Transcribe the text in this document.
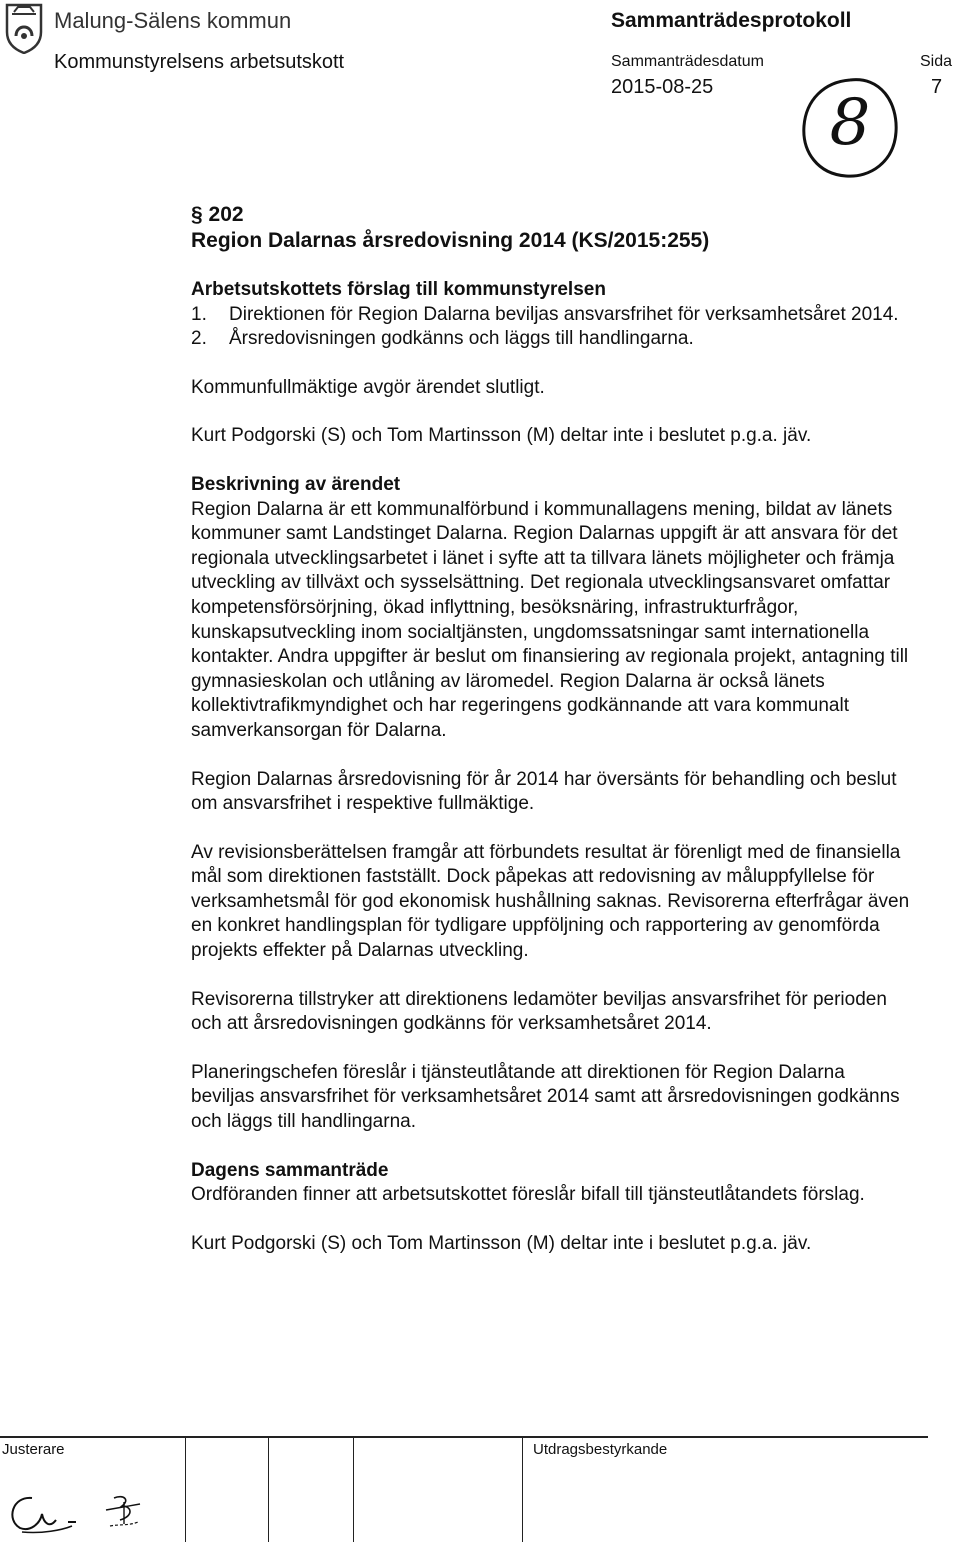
Malung-Sälens kommun	Sammanträdesprotokoll
Kommunstyrelsens arbetsutskott	Sammanträdesdatum
2015-08-25
Sida
7
8

§ 202

Region Dalarnas årsredovisning 2014 (KS/2015:255)

Arbetsutskottets förslag till kommunstyrelsen

1. Direktionen för Region Dalarna beviljas ansvarsfrihet för verksamhetsåret 2014.
2. Årsredovisningen godkänns och läggs till handlingarna.

Kommunfullmäktige avgör ärendet slutligt.

Kurt Podgorski (S) och Tom Martinsson (M) deltar inte i beslutet p.g.a. jäv.

Beskrivning av ärendet

Region Dalarna är ett kommunalförbund i kommunallagens mening, bildat av länets kommuner samt Landstinget Dalarna. Region Dalarnas uppgift är att ansvara för det regionala utvecklingsarbetet i länet i syfte att ta tillvara länets möjligheter och främja utveckling av tillväxt och sysselsättning. Det regionala utvecklingsansvaret omfattar kompetensförsörjning, ökad inflyttning, besöksnäring, infrastrukturfrågor, kunskapsutveckling inom socialtjänsten, ungdomssatsningar samt internationella kontakter. Andra uppgifter är beslut om finansiering av regionala projekt, antagning till gymnasieskolan och utlåning av läromedel. Region Dalarna är också länets kollektivtrafikmyndighet och har regeringens godkännande att vara kommunalt samverkansorgan för Dalarna.

Region Dalarnas årsredovisning för år 2014 har översänts för behandling och beslut om ansvarsfrihet i respektive fullmäktige.

Av revisionsberättelsen framgår att förbundets resultat är förenligt med de finansiella mål som direktionen fastställt. Dock påpekas att redovisning av måluppfyllelse för verksamhetsmål för god ekonomisk hushållning saknas. Revisorerna efterfrågar även en konkret handlingsplan för tydligare uppföljning och rapportering av genomförda projekts effekter på Dalarnas utveckling.

Revisorerna tillstryker att direktionens ledamöter beviljas ansvarsfrihet för perioden och att årsredovisningen godkänns för verksamhetsåret 2014.

Planeringschefen föreslår i tjänsteutlåtande att direktionen för Region Dalarna beviljas ansvarsfrihet för verksamhetsåret 2014 samt att årsredovisningen godkänns och läggs till handlingarna.

Dagens sammanträde

Ordföranden finner att arbetsutskottet föreslår bifall till tjänsteutlåtandets förslag.

Kurt Podgorski (S) och Tom Martinsson (M) deltar inte i beslutet p.g.a. jäv.

Justerare	Utdragsbestyrkande
